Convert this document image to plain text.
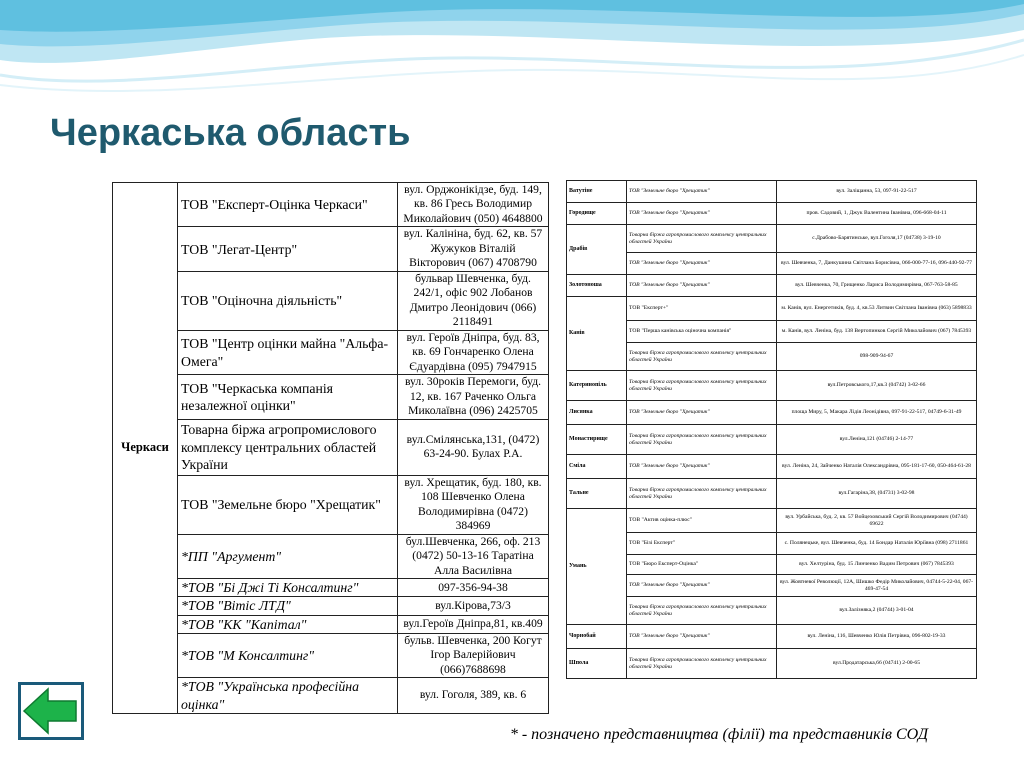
Черкаська область
Черкаси	ТОВ "Експерт-Оцінка Черкаси"	вул. Орджонікідзе, буд. 149, кв. 86 Гресь Володимир Миколайович (050) 4648800
	ТОВ "Легат-Центр"	вул. Калініна, буд. 62, кв. 57 Жужуков Віталій Вікторович (067) 4708790
	ТОВ "Оціночна діяльність"	бульвар Шевченка, буд. 242/1, офіс 902 Лобанов Дмитро Леонідович (066) 2118491
	ТОВ "Центр оцінки майна "Альфа-Омега"	вул. Героїв Дніпра, буд. 83, кв. 69 Гончаренко Олена Єдуардівна (095) 7947915
	ТОВ "Черкаська компанія незалежної оцінки"	вул. 30років Перемоги, буд. 12, кв. 167 Раченко Ольга Миколаївна (096) 2425705
	Товарна біржа агропромислового комплексу центральних областей України	вул.Смілянська,131, (0472) 63-24-90. Булах Р.А.
	ТОВ "Земельне бюро "Хрещатик"	вул. Хрещатик, буд. 180, кв. 108 Шевченко Олена Володимирівна (0472) 384969
	*ПП "Аргумент"	бул.Шевченка, 266, оф. 213 (0472) 50-13-16 Таратіна Алла Василівна
	*ТОВ "Бі Джі Ті Консалтинг"	097-356-94-38
	*ТОВ "Вітіс ЛТД"	вул.Кірова,73/3
	*ТОВ "КК "Капітал"	вул.Героїв Дніпра,81, кв.409
	*ТОВ "М Консалтинг"	бульв. Шевченка, 200 Когут Ігор Валерійович (066)7688698
	*ТОВ "Українська професійна оцінка"	вул. Гоголя, 389, кв. 6
Ватутіне	ТОВ "Земельне бюро "Хрещатик"	вул. Заліщанна, 53, 097-91-22-517
Городище	ТОВ "Земельне бюро "Хрещатик"	пров. Садовий, 1, Джук Валентина Іванівна, 096-668-04-11
Драбів	Товарна біржа агропромислового комплексу центральних областей України	с.Драбово-Барятинське, вул.Гоголя,17 (04738) 3-19-10
	ТОВ "Земельне бюро "Хрещатик"	вул. Шевченка, 7, Данкушина Світлана Борисівна, 066-000-77-16, 096-440-92-77
Золотоноша	ТОВ "Земельне бюро "Хрещатик"	вул. Шевченка, 70, Грищенко Лариса Володимирівна, 067-763-58-85
Канів	ТОВ "Експерт+"	м. Канів, вул. Енергетиків, буд. 4, кв.53 Литвин Світлана Іванівна (063) 5898833
	ТОВ "Перша канівська оціночна компанія"	м. Канів, вул. Леніна, буд. 138 Вертопинков Сергій Миколайович (067) 7845393
	Товарна біржа агропромислового комплексу центральних областей України	098-909-94-67
Катеринопіль	Товарна біржа агропромислового комплексу центральних областей України	вул.Петровського,17,кв.3 (04742) 3-02-66
Лисянка	ТОВ "Земельне бюро "Хрещатик"	площа Миру, 5, Макара Лідія Леонідівна, 097-91-22-517, 04749-6-31-49
Монастирище	Товарна біржа агропромислового комплексу центральних областей України	вул.Леніна,121 (04746) 2-14-77
Сміла	ТОВ "Земельне бюро "Хрещатик"	вул. Леніна, 24, Зайченко Наталія Олександрівна, 095-181-17-60, 050-464-61-28
Тальне	Товарна біржа агропромислового комплексу центральних областей України	вул.Гагаріна,38, (04731) 3-02-98
Умань	ТОВ "Актив оцінка-плюс"	вул. Урбайська, буд. 2, кв. 57 Войцеховський Сергій Володимирович (04744) 69622
	ТОВ "Бізі Експерт"	с. Полянецьке, вул. Шевченка, буд. 14 Бондар Наталія Юріївна (098) 2711861
	ТОВ "Бюро Експерт-Оцінка"	вул. Хелтуріна, буд. 15 Линченко Вадим Петрович (067) 7845393
	ТОВ "Земельне бюро "Хрещатик"	вул. Жовтневої Революції, 12А, Шишко Федір Миколайович, 04744-5-22-04, 067-469-47-54
	Товарна біржа агропромислового комплексу центральних областей України	вул.Залізняка,2 (04744) 3-01-04
Чорнобай	ТОВ "Земельне бюро "Хрещатик"	вул. Леніна, 116, Шевченко Юлія Петрівна, 096-802-19-33
Шпола	Товарна біржа агропромислового комплексу центральних областей України	вул.Продатарська,66 (04741) 2-00-65

* - позначено представництва (філії) та представників СОД
